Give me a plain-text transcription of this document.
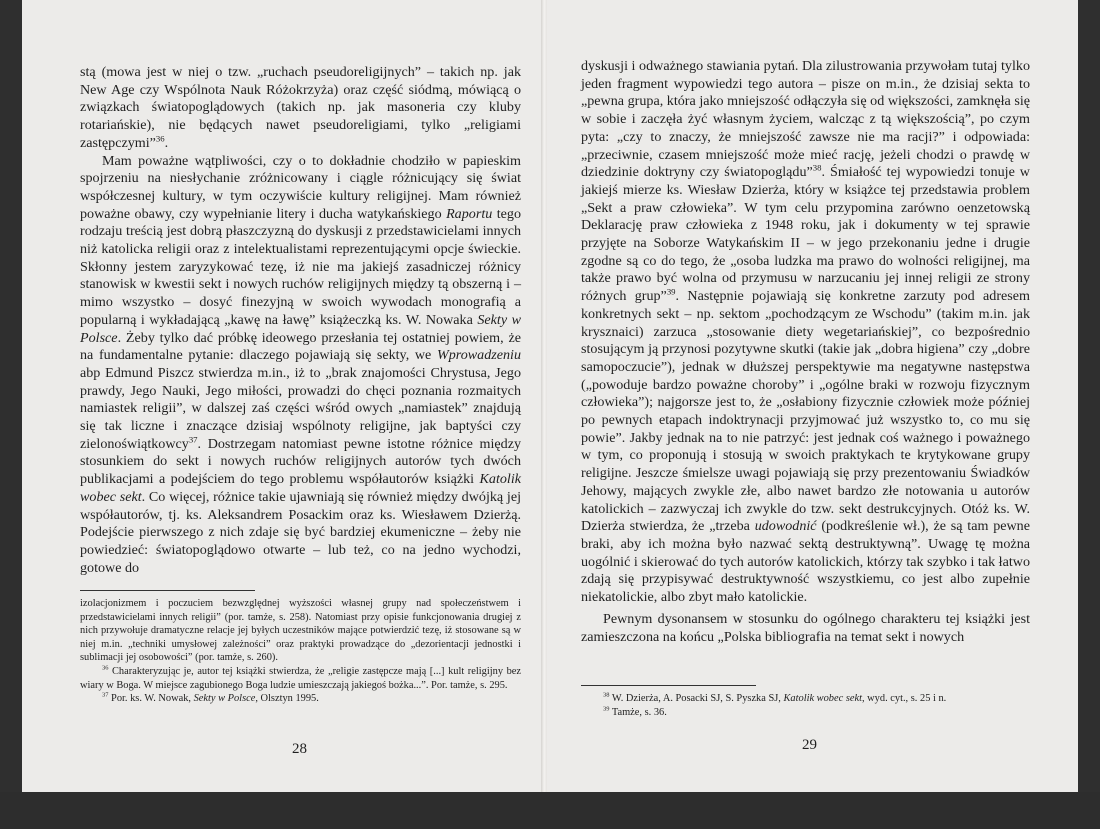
stą (mowa jest w niej o tzw. „ruchach pseudoreligijnych” – takich np. jak New Age czy Wspólnota Nauk Różokrzyża) oraz część siódmą, mówiącą o związkach światopoglądowych (takich np. jak masoneria czy kluby rotariańskie), nie będących nawet pseudoreligiami, tylko „religiami zastępczymi”$^{36}$.

Mam poważne wątpliwości, czy o to dokładnie chodziło w papieskim spojrzeniu na niesłychanie zróżnicowany i ciągle różnicujący się świat współczesnej kultury, w tym oczywiście kultury religijnej. Mam również poważne obawy, czy wypełnianie litery i ducha watykańskiego Raportu tego rodzaju treścią jest dobrą płaszczyzną do dyskusji z przedstawicielami innych niż katolicka religii oraz z intelektualistami reprezentującymi opcje świeckie. Skłonny jestem zaryzykować tezę, iż nie ma jakiejś zasadniczej różnicy stanowisk w kwestii sekt i nowych ruchów religijnych między tą obszerną i – mimo wszystko – dosyć finezyjną w swoich wywodach monografią a popularną i wykładającą „kawę na ławę” książeczką ks. W. Nowaka Sekty w Polsce. Żeby tylko dać próbkę ideowego przesłania tej ostatniej powiem, że na fundamentalne pytanie: dlaczego pojawiają się sekty, we Wprowadzeniu abp Edmund Piszcz stwierdza m.in., iż to „brak znajomości Chrystusa, Jego prawdy, Jego Nauki, Jego miłości, prowadzi do chęci poznania rozmaitych namiastek religii”, w dalszej zaś części wśród owych „namiastek” znajdują się tak liczne i znaczące dzisiaj wspólnoty religijne, jak baptyści czy zielonoświątkowcy$^{37}$. Dostrzegam natomiast pewne istotne różnice między stosunkiem do sekt i nowych ruchów religijnych autorów tych dwóch publikacjami a podejściem do tego problemu współautorów książki Katolik wobec sekt. Co więcej, różnice takie ujawniają się również między dwójką jej współautorów, tj. ks. Aleksandrem Posackim oraz ks. Wiesławem Dzierżą. Podejście pierwszego z nich zdaje się być bardziej ekumeniczne – żeby nie powiedzieć: światopoglądowo otwarte – lub też, co na jedno wychodzi, gotowe do

izolacjonizmem i poczuciem bezwzględnej wyższości własnej grupy nad społeczeństwem i przedstawicielami innych religii” (por. tamże, s. 258). Natomiast przy opisie funkcjonowania drugiej z nich przywołuje dramatyczne relacje jej byłych uczestników mające potwierdzić tezę, iż stosowane są w niej m.in. „techniki umysłowej zależności” oraz praktyki prowadzące do „dezorientacji jednostki i sublimacji jej osobowości” (por. tamże, s. 260).

$^{36}$ Charakteryzując je, autor tej książki stwierdza, że „religie zastępcze mają [...] kult religijny bez wiary w Boga. W miejsce zagubionego Boga ludzie umieszczają jakiegoś bożka...”. Por. tamże, s. 295.

$^{37}$ Por. ks. W. Nowak, Sekty w Polsce, Olsztyn 1995.

28

dyskusji i odważnego stawiania pytań. Dla zilustrowania przywołam tutaj tylko jeden fragment wypowiedzi tego autora – pisze on m.in., że dzisiaj sekta to „pewna grupa, która jako mniejszość odłączyła się od większości, zamknęła się w sobie i zaczęła żyć własnym życiem, walcząc z tą większością”, po czym pyta: „czy to znaczy, że mniejszość zawsze nie ma racji?” i odpowiada: „przeciwnie, czasem mniejszość może mieć rację, jeżeli chodzi o prawdę w dziedzinie doktryny czy światopoglądu”$^{38}$. Śmiałość tej wypowiedzi tonuje w jakiejś mierze ks. Wiesław Dzierża, który w książce tej przedstawia problem „Sekt a praw człowieka”. W tym celu przypomina zarówno oenzetowską Deklarację praw człowieka z 1948 roku, jak i dokumenty w tej sprawie przyjęte na Soborze Watykańskim II – w jego przekonaniu jedne i drugie zgodne są co do tego, że „osoba ludzka ma prawo do wolności religijnej, ma także prawo być wolna od przymusu w narzucaniu jej innej religii ze strony różnych grup”$^{39}$. Następnie pojawiają się konkretne zarzuty pod adresem konkretnych sekt – np. sektom „pochodzącym ze Wschodu” (takim m.in. jak krysznaici) zarzuca „stosowanie diety wegetariańskiej”, co bezpośrednio stosującym ją przynosi pozytywne skutki (takie jak „dobra higiena” czy „dobre samopoczucie”), jednak w dłuższej perspektywie ma negatywne następstwa („powoduje bardzo poważne choroby” i „ogólne braki w rozwoju fizycznym człowieka”); najgorsze jest to, że „osłabiony fizycznie człowiek może później po pewnych etapach indoktrynacji przyjmować już wszystko to, co mu się powie”. Jakby jednak na to nie patrzyć: jest jednak coś ważnego i poważnego w tym, co proponują i stosują w swoich praktykach te krytykowane grupy religijne. Jeszcze śmielsze uwagi pojawiają się przy prezentowaniu Świadków Jehowy, mających zwykle złe, albo nawet bardzo złe notowania u autorów katolickich – zazwyczaj ich zwykle do tzw. sekt destrukcyjnych. Otóż ks. W. Dzierża stwierdza, że „trzeba udowodnić (podkreślenie wł.), że są tam pewne braki, aby ich można było nazwać sektą destruktywną”. Uwagę tę można uogólnić i skierować do tych autorów katolickich, którzy tak szybko i tak łatwo zdają się przypisywać destruktywność wszystkiemu, co jest albo zupełnie niekatolickie, albo zbyt mało katolickie.

Pewnym dysonansem w stosunku do ogólnego charakteru tej książki jest zamieszczona na końcu „Polska bibliografia na temat sekt i nowych

$^{38}$ W. Dzierża, A. Posacki SJ, S. Pyszka SJ, Katolik wobec sekt, wyd. cyt., s. 25 i n.

$^{39}$ Tamże, s. 36.

29
